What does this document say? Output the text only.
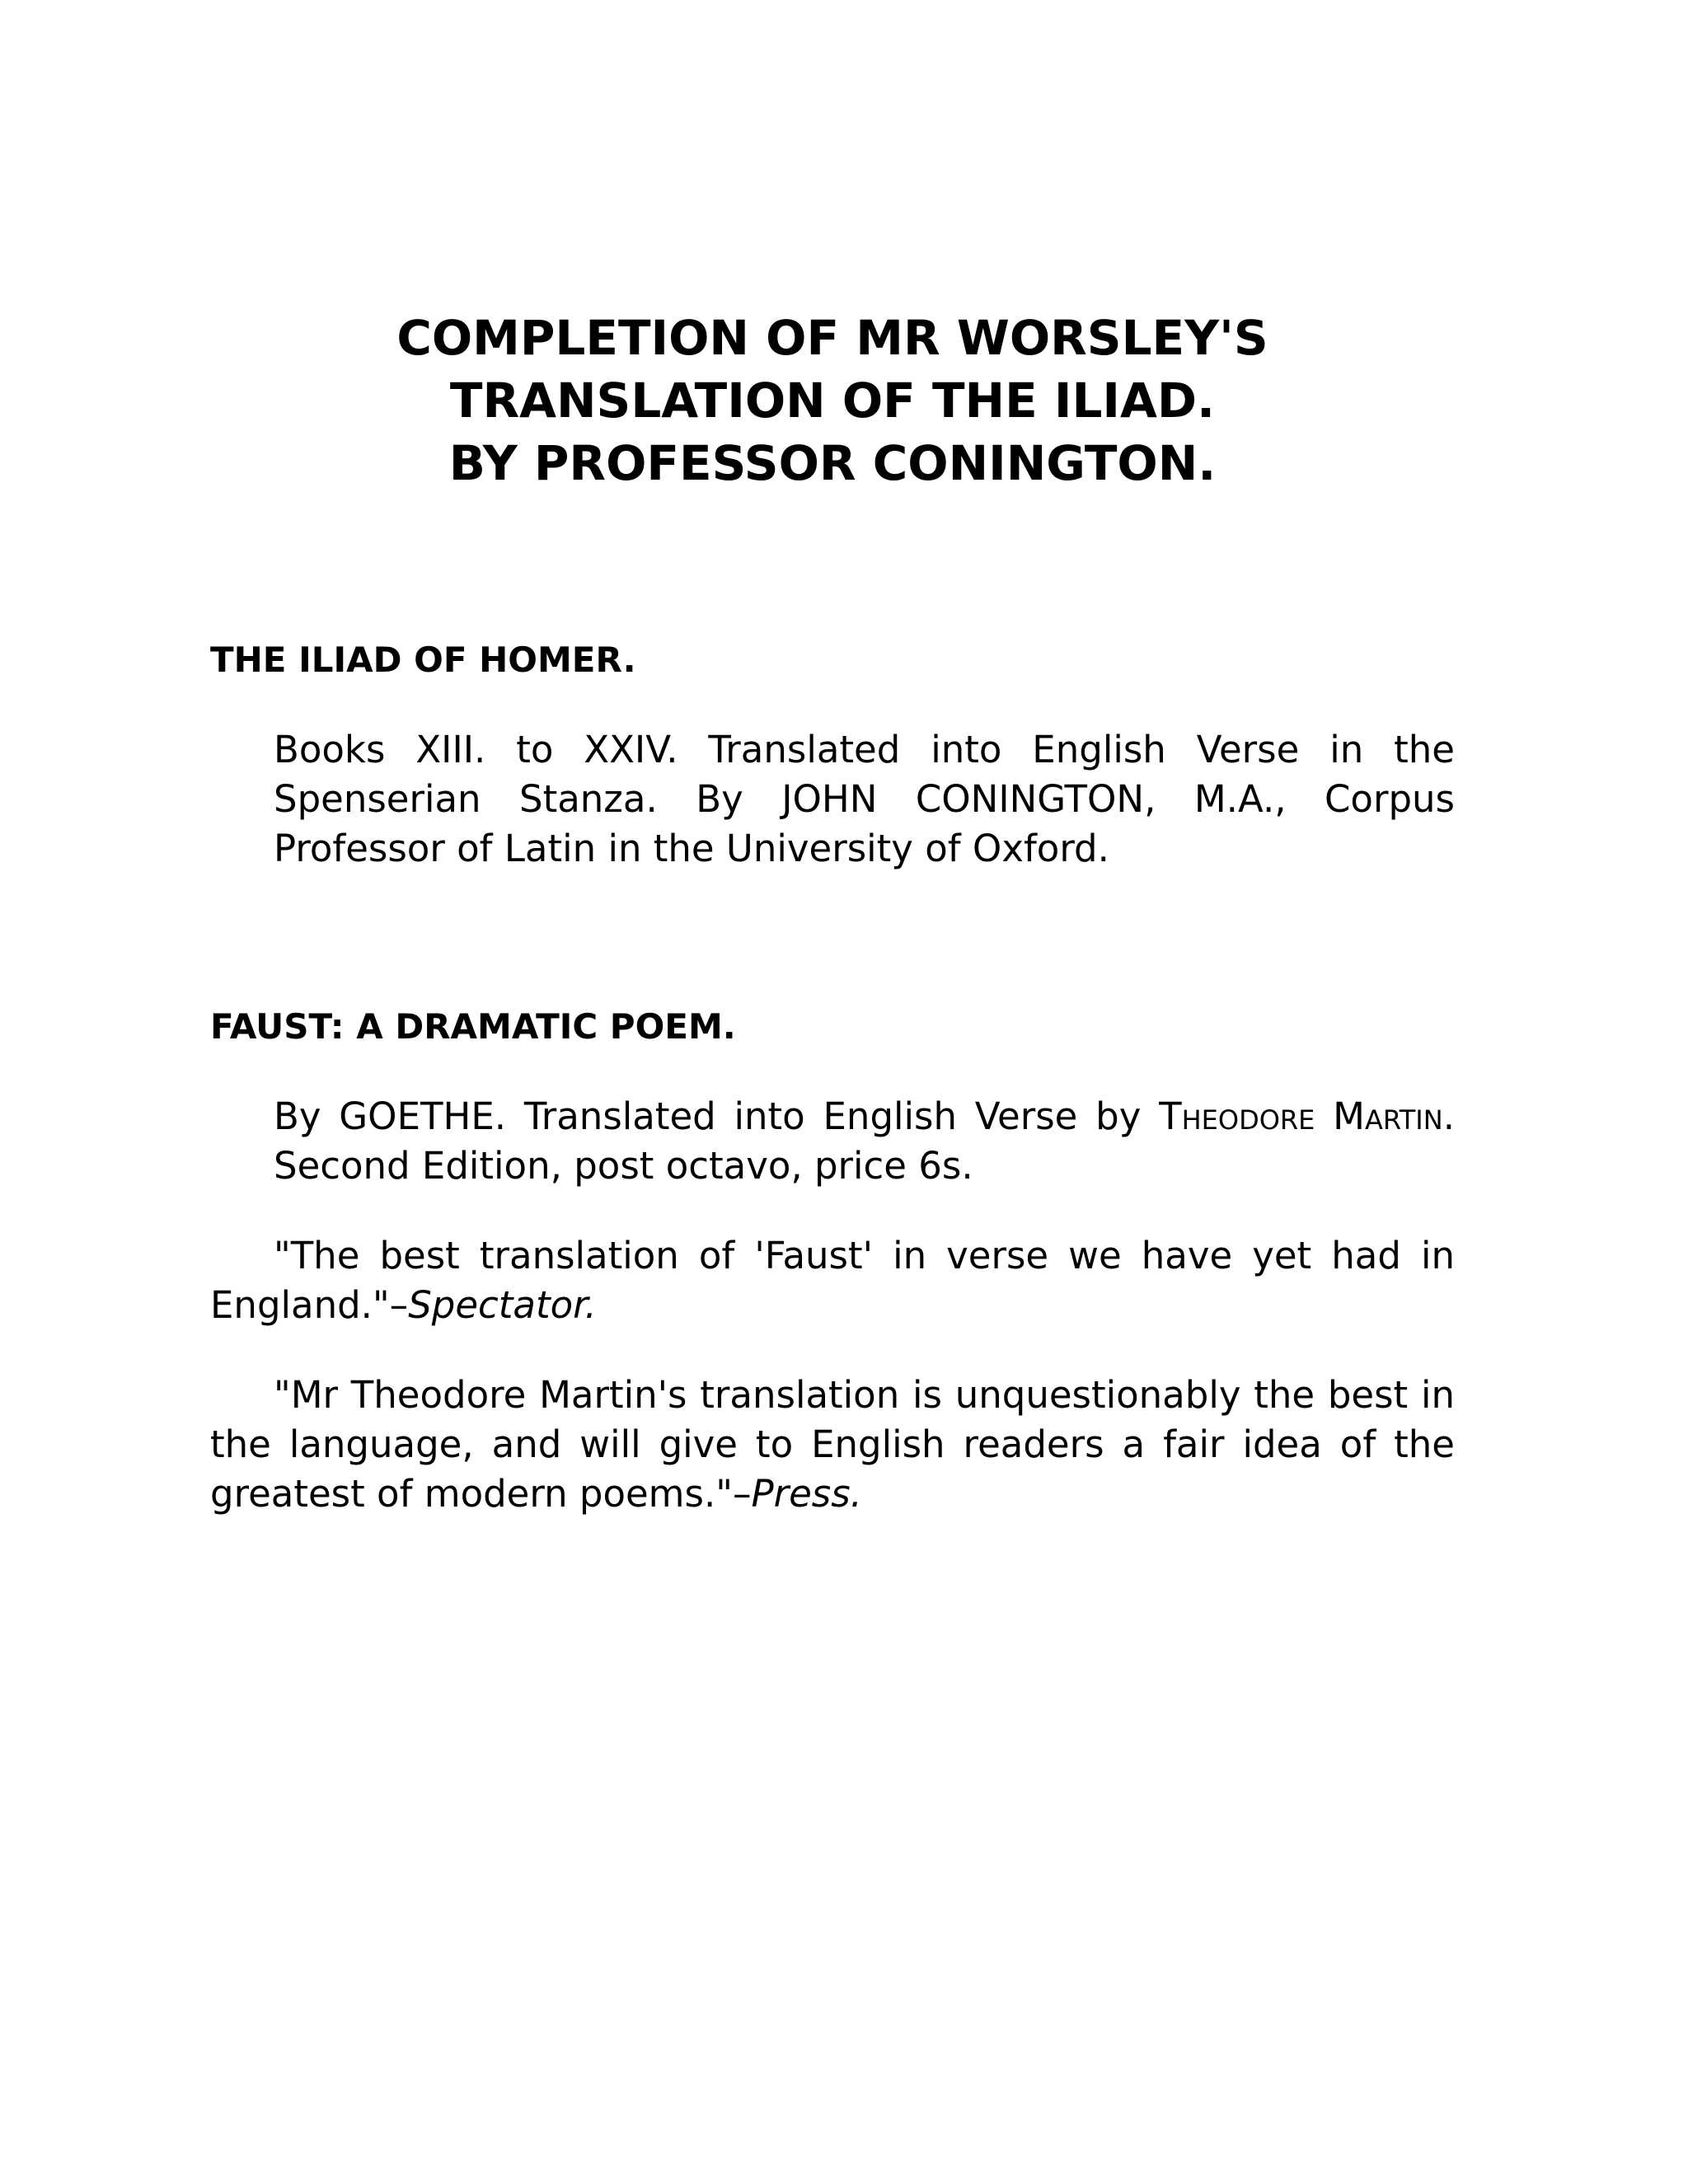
COMPLETION OF MR WORSLEY'S
TRANSLATION OF THE ILIAD.
BY PROFESSOR CONINGTON.
THE ILIAD OF HOMER.

Books XIII. to XXIV. Translated into English Verse in the Spenserian Stanza. By JOHN CONINGTON, M.A., Corpus Professor of Latin in the University of Oxford.

FAUST: A DRAMATIC POEM.

By GOETHE. Translated into English Verse by Theodore Martin. Second Edition, post octavo, price 6s.

"The best translation of 'Faust' in verse we have yet had in England."–Spectator.

"Mr Theodore Martin's translation is unquestionably the best in the language, and will give to English readers a fair idea of the greatest of modern poems."–Press.
